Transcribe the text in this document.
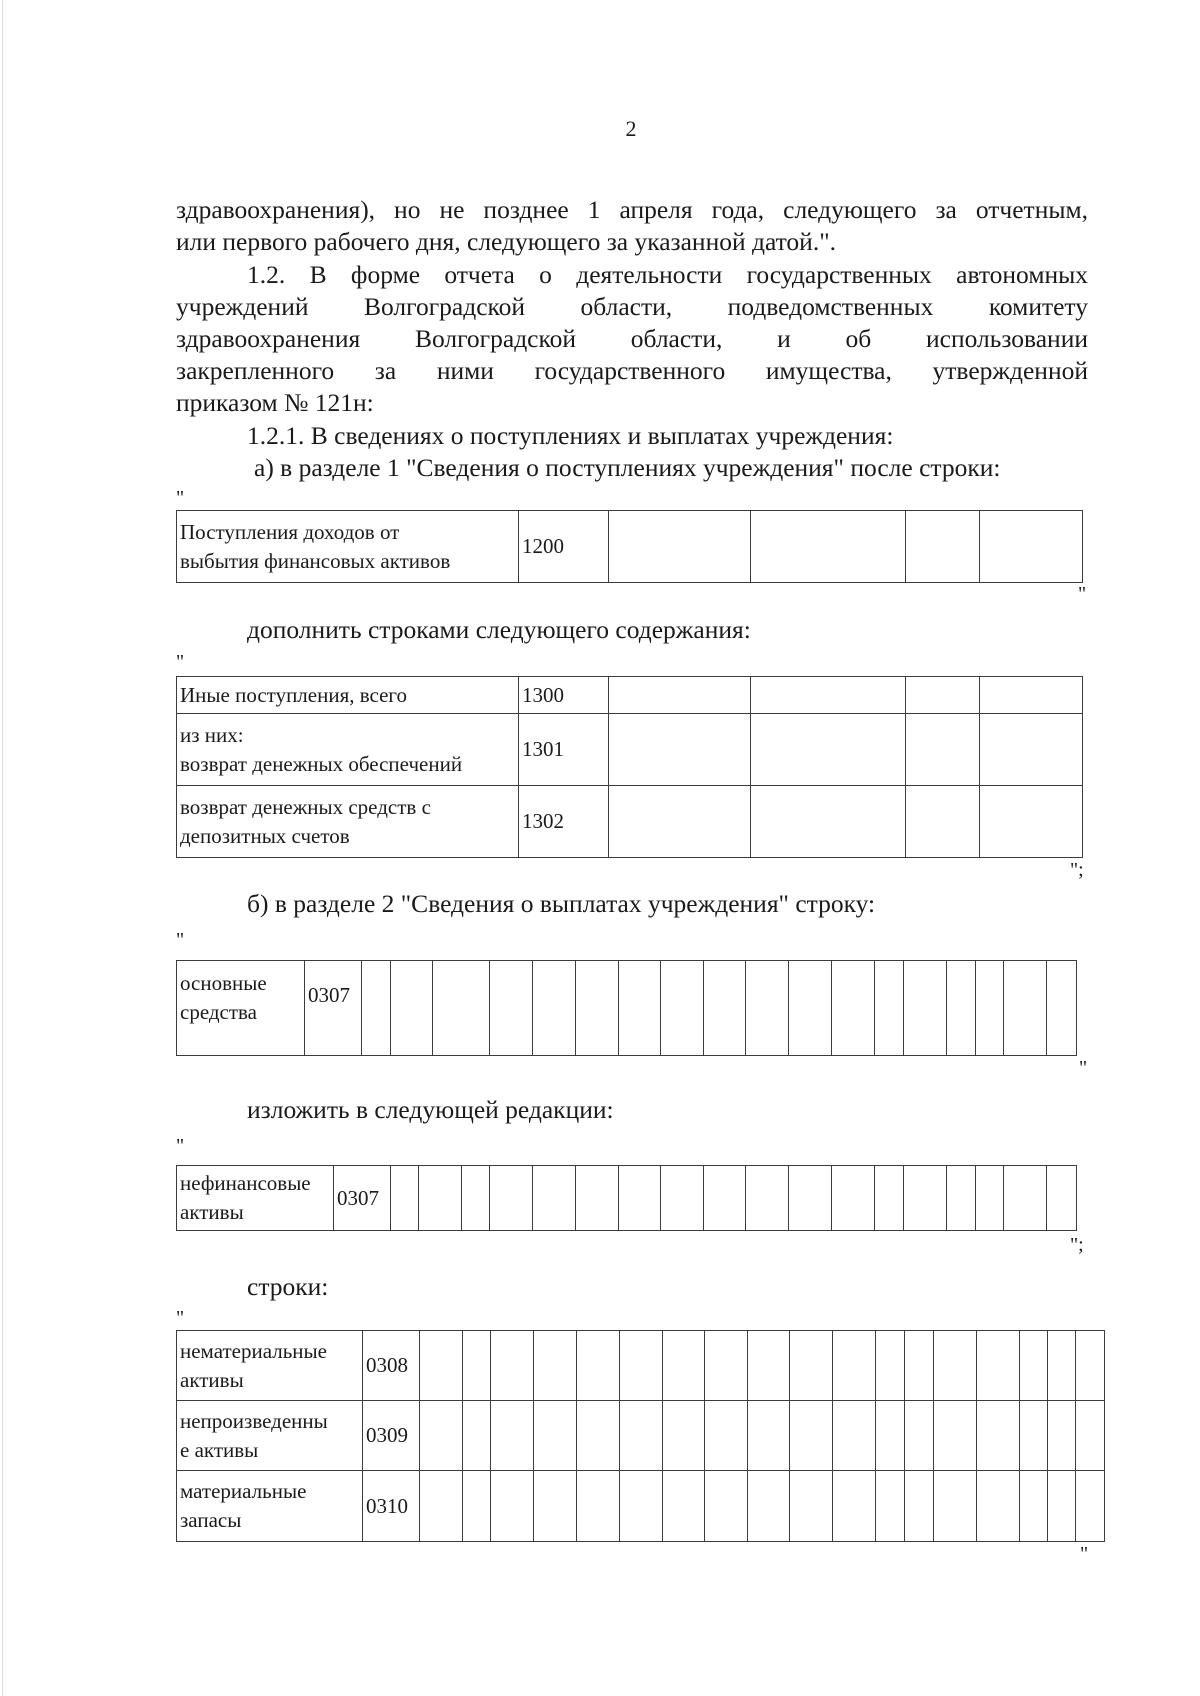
2
здравоохранения), но не позднее 1 апреля года, следующего за отчетным,
или первого рабочего дня, следующего за указанной датой.".
1.2. В форме отчета о деятельности государственных автономных
учреждений Волгоградской области, подведомственных комитету
здравоохранения Волгоградской области, и об использовании
закрепленного за ними государственного имущества, утвержденной
приказом № 121н:
1.2.1. В сведениях о поступлениях и выплатах учреждения:
а) в разделе 1 "Сведения о поступлениях учреждения" после строки:
"
Поступления доходов от
выбытия финансовых активов	1200				
"
дополнить строками следующего содержания:
"
Иные поступления, всего	1300				
из них:
возврат денежных обеспечений	1301				
возврат денежных средств с
депозитных счетов	1302				
";
б) в разделе 2 "Сведения о выплатах учреждения" строку:
"
основные
средства	0307																		
"
изложить в следующей редакции:
"
нефинансовые
активы	0307																		
";
строки:
"
нематериальные
активы	0308																		
непроизведенны
е активы	0309																		
материальные
запасы	0310																		
"
